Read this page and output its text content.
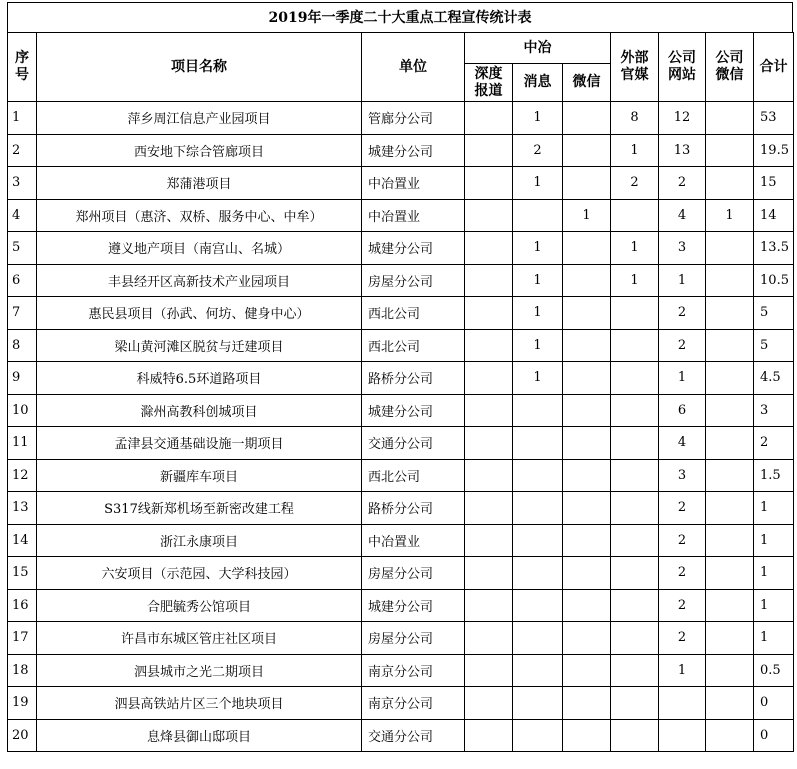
2019年一季度二十大重点工程宣传统计表
序号	项目名称	单位	中冶			外部官媒	公司网站	公司微信	合计
			深度报道	消息	微信				
1	萍乡周江信息产业园项目	管廊分公司		1		8	12		53
2	西安地下综合管廊项目	城建分公司		2		1	13		19.5
3	郑蒲港项目	中冶置业		1		2	2		15
4	郑州项目（惠济、双桥、服务中心、中牟）	中冶置业			1		4	1	14
5	遵义地产项目（南宫山、名城）	城建分公司		1		1	3		13.5
6	丰县经开区高新技术产业园项目	房屋分公司		1		1	1		10.5
7	惠民县项目（孙武、何坊、健身中心）	西北公司		1			2		5
8	梁山黄河滩区脱贫与迁建项目	西北公司		1			2		5
9	科威特6.5环道路项目	路桥分公司		1			1		4.5
10	滁州高教科创城项目	城建分公司					6		3
11	孟津县交通基础设施一期项目	交通分公司					4		2
12	新疆库车项目	西北公司					3		1.5
13	S317线新郑机场至新密改建工程	路桥分公司					2		1
14	浙江永康项目	中冶置业					2		1
15	六安项目（示范园、大学科技园）	房屋分公司					2		1
16	合肥毓秀公馆项目	城建分公司					2		1
17	许昌市东城区管庄社区项目	房屋分公司					2		1
18	泗县城市之光二期项目	南京分公司					1		0.5
19	泗县高铁站片区三个地块项目	南京分公司							0
20	息烽县御山邸项目	交通分公司							0
